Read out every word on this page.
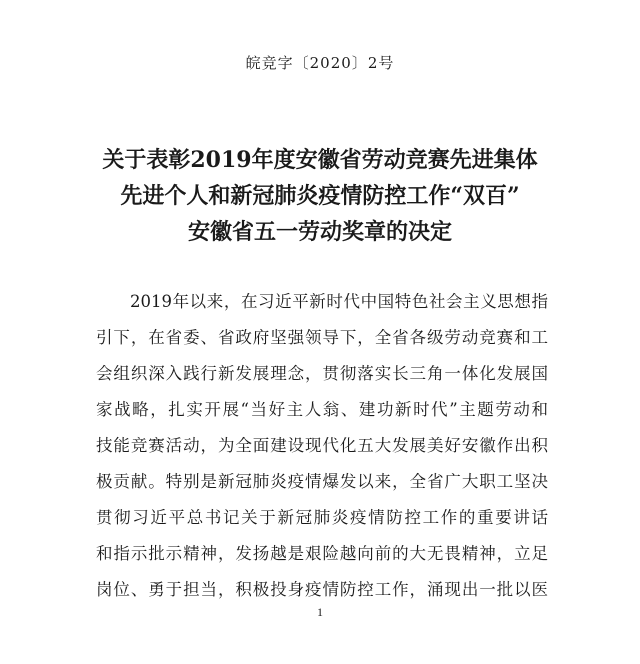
皖竞字〔2020〕2号
关于表彰2019年度安徽省劳动竞赛先进集体
先进个人和新冠肺炎疫情防控工作“双百”
安徽省五一劳动奖章的决定
2019年以来，在习近平新时代中国特色社会主义思想指
引下，在省委、省政府坚强领导下，全省各级劳动竞赛和工
会组织深入践行新发展理念，贯彻落实长三角一体化发展国
家战略，扎实开展“当好主人翁、建功新时代”主题劳动和
技能竞赛活动，为全面建设现代化五大发展美好安徽作出积
极贡献。特别是新冠肺炎疫情爆发以来，全省广大职工坚决
贯彻习近平总书记关于新冠肺炎疫情防控工作的重要讲话
和指示批示精神，发扬越是艰险越向前的大无畏精神，立足
岗位、勇于担当，积极投身疫情防控工作，涌现出一批以医
1
